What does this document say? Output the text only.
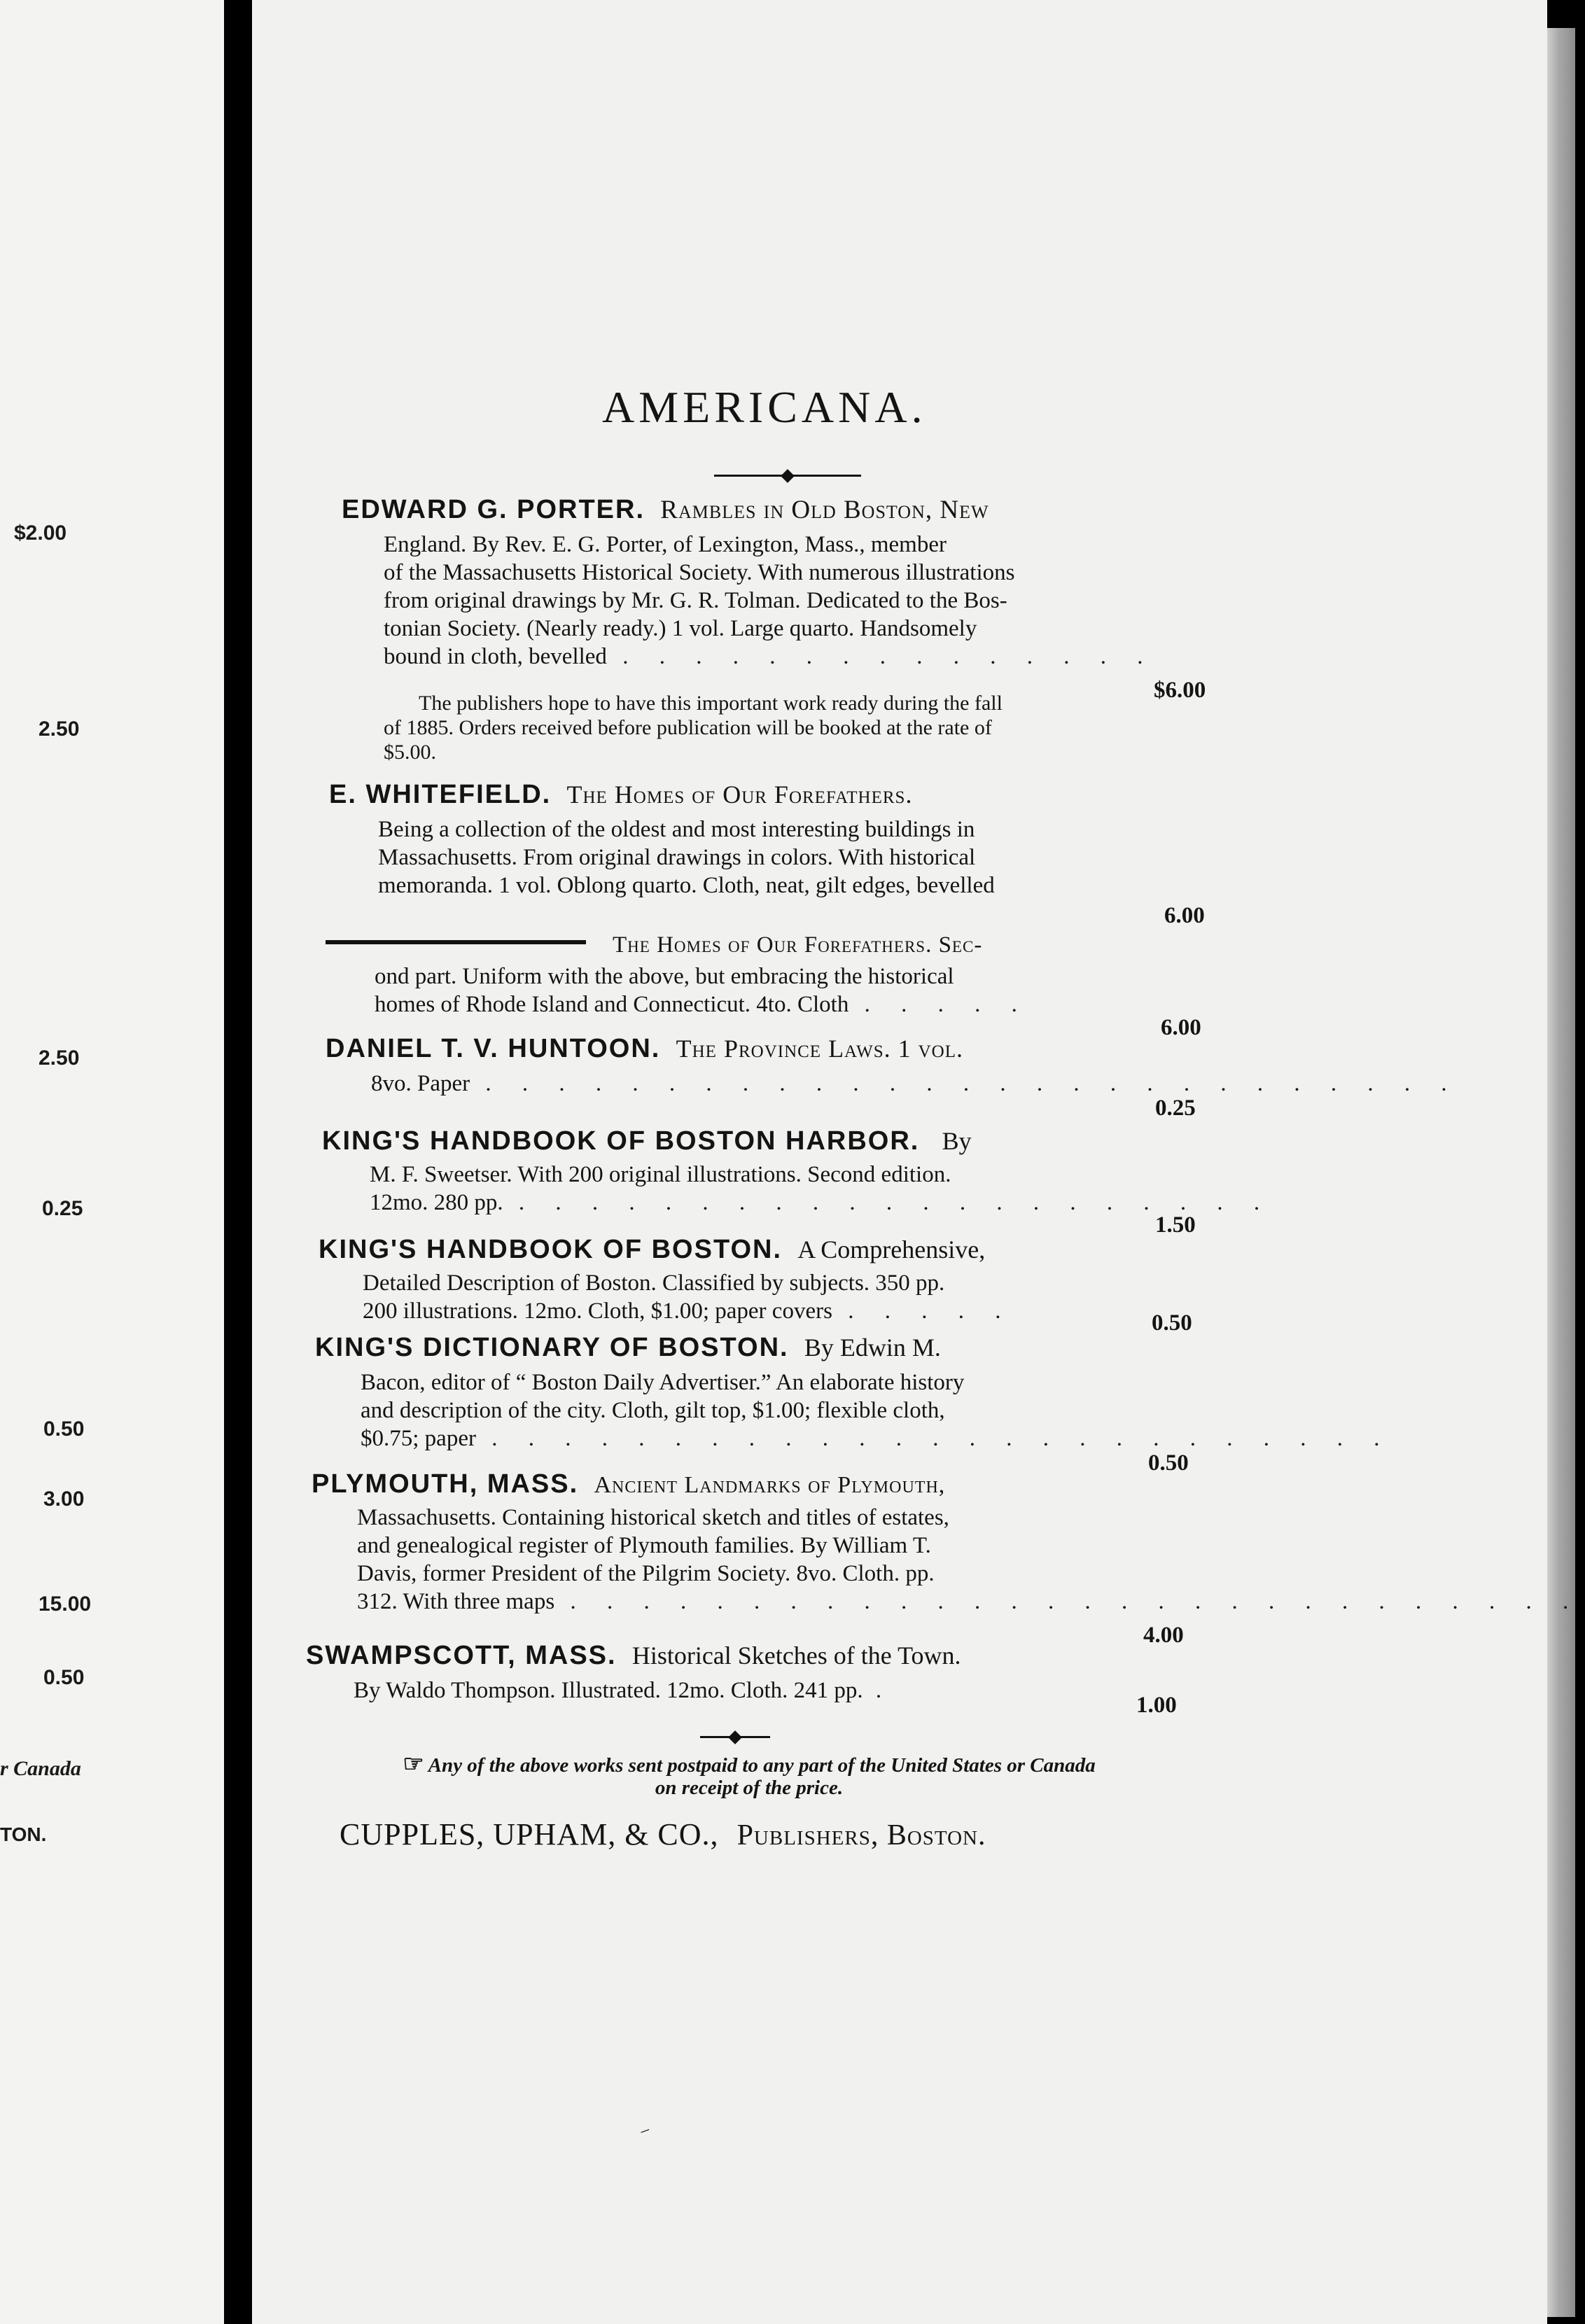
$2.00
2.50
2.50
0.25
0.50
3.00
15.00
0.50
r Canada
TON.
AMERICANA.
EDWARD G. PORTER. Rambles in Old Boston, New
England. By Rev. E. G. Porter, of Lexington, Mass., member
of the Massachusetts Historical Society. With numerous illustrations
from original drawings by Mr. G. R. Tolman. Dedicated to the Bos-
tonian Society. (Nearly ready.) 1 vol. Large quarto. Handsomely
bound in cloth, bevelled . . . . . . . . . . . . . . .
$6.00
The publishers hope to have this important work ready during the fall
of 1885. Orders received before publication will be booked at the rate of
$5.00.
E. WHITEFIELD. The Homes of Our Forefathers.
Being a collection of the oldest and most interesting buildings in
Massachusetts. From original drawings in colors. With historical
memoranda. 1 vol. Oblong quarto. Cloth, neat, gilt edges, bevelled
6.00
The Homes of Our Forefathers. Sec-
ond part. Uniform with the above, but embracing the historical
homes of Rhode Island and Connecticut. 4to. Cloth . . . . .
6.00
DANIEL T. V. HUNTOON. The Province Laws. 1 vol.
8vo. Paper . . . . . . . . . . . . . . . . . . . . . . . . . . .
0.25
KING'S HANDBOOK OF BOSTON HARBOR. By
M. F. Sweetser. With 200 original illustrations. Second edition.
12mo. 280 pp. . . . . . . . . . . . . . . . . . . . . .
1.50
KING'S HANDBOOK OF BOSTON. A Comprehensive,
Detailed Description of Boston. Classified by subjects. 350 pp.
200 illustrations. 12mo. Cloth, $1.00; paper covers . . . . .	0.50
KING'S DICTIONARY OF BOSTON. By Edwin M.
Bacon, editor of “ Boston Daily Advertiser.” An elaborate history
and description of the city. Cloth, gilt top, $1.00; flexible cloth,
$0.75; paper . . . . . . . . . . . . . . . . . . . . . . . . .
0.50
PLYMOUTH, MASS. Ancient Landmarks of Plymouth,
Massachusetts. Containing historical sketch and titles of estates,
and genealogical register of Plymouth families. By William T.
Davis, former President of the Pilgrim Society. 8vo. Cloth. pp.
312. With three maps . . . . . . . . . . . . . . . . . . . . . . . . . . . .
4.00
SWAMPSCOTT, MASS. Historical Sketches of the Town.
By Waldo Thompson. Illustrated. 12mo. Cloth. 241 pp. .
1.00
☞ Any of the above works sent postpaid to any part of the United States or Canada
on receipt of the price.
CUPPLES, UPHAM, & CO., Publishers, Boston.
‒
